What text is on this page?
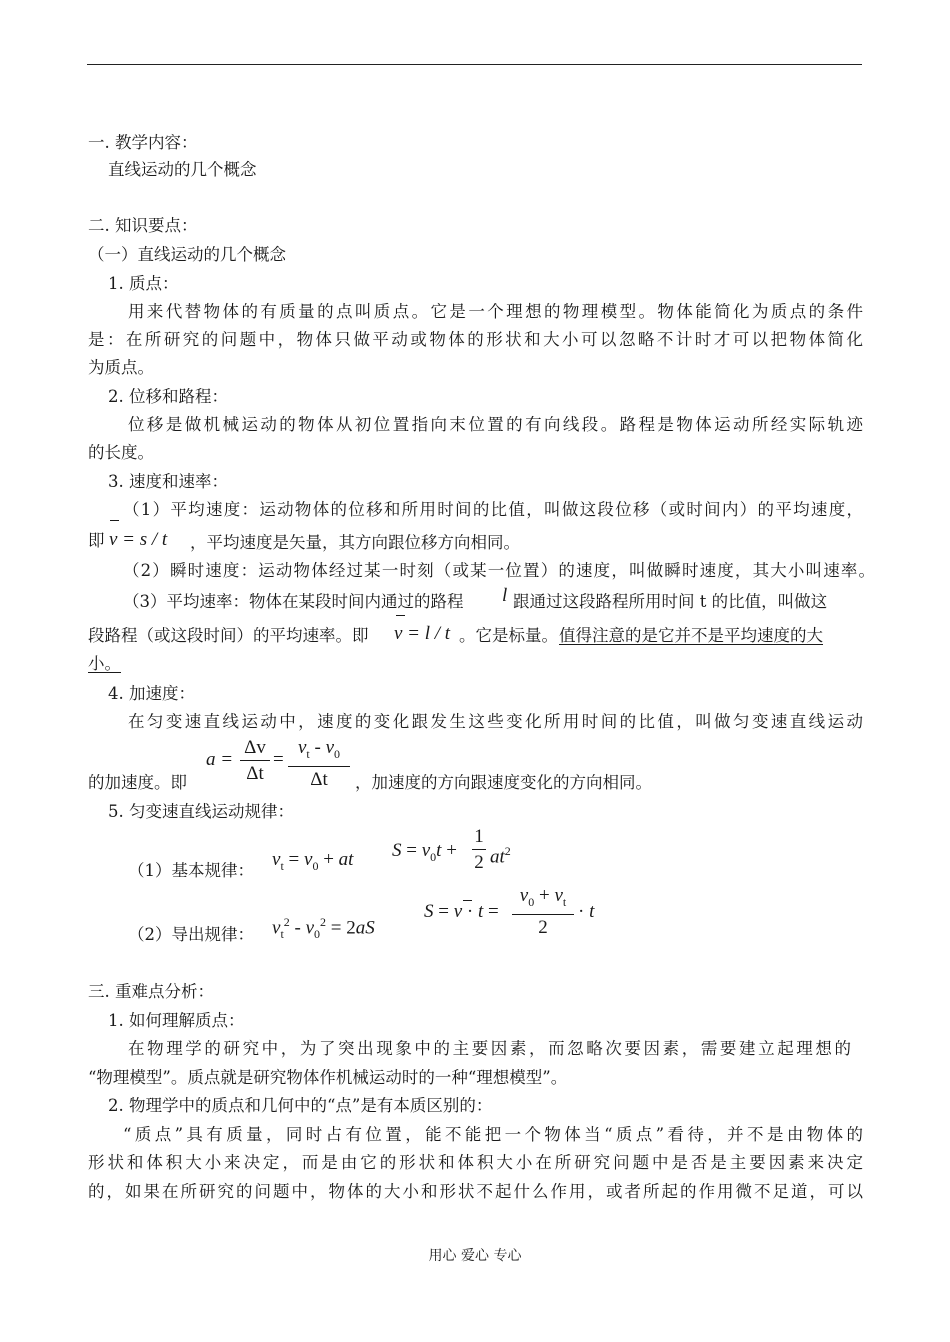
一. 教学内容：
直线运动的几个概念
二. 知识要点：
（一）直线运动的几个概念
1. 质点：
用来代替物体的有质量的点叫质点。它是一个理想的物理模型。物体能简化为质点的条件
是：在所研究的问题中，物体只做平动或物体的形状和大小可以忽略不计时才可以把物体简化
为质点。
2. 位移和路程：
位移是做机械运动的物体从初位置指向末位置的有向线段。路程是物体运动所经实际轨迹
的长度。
3. 速度和速率：
（1）平均速度：运动物体的位移和所用时间的比值，叫做这段位移（或时间内）的平均速度，
即 v = s / t ，平均速度是矢量，其方向跟位移方向相同。
（2）瞬时速度：运动物体经过某一时刻（或某一位置）的速度，叫做瞬时速度，其大小叫速率。
（3）平均速率：物体在某段时间内通过的路程 l 跟通过这段路程所用时间 t 的比值，叫做这
段路程（或这段时间）的平均速率。即 v = l / t 。它是标量。 值得注意的是它并不是平均速度的大
小。
4. 加速度：
在匀变速直线运动中，速度的变化跟发生这些变化所用时间的比值，叫做匀变速直线运动
a =
Δv
Δt
=
$v_t - v_0$
Δt
的加速度。即	，加速度的方向跟速度变化的方向相同。
5. 匀变速直线运动规律：
（1）基本规律：
$v_t = v_0$ + at $S = v_0t$ +
1
2 $at^2$
（2）导出规律： $v_t^2 - v_0^2 = 2aS$
S = v · t =
$v_0 + v_t$
2
· t
三. 重难点分析：
1. 如何理解质点：
在物理学的研究中，为了突出现象中的主要因素，而忽略次要因素，需要建立起理想的
“物理模型”。质点就是研究物体作机械运动时的一种“理想模型”。
2. 物理学中的质点和几何中的“点”是有本质区别的：
“质点”具有质量，同时占有位置，能不能把一个物体当“质点”看待，并不是由物体的
形状和体积大小来决定，而是由它的形状和体积大小在所研究问题中是否是主要因素来决定
的，如果在所研究的问题中，物体的大小和形状不起什么作用，或者所起的作用微不足道，可以
用心 爱心 专心
